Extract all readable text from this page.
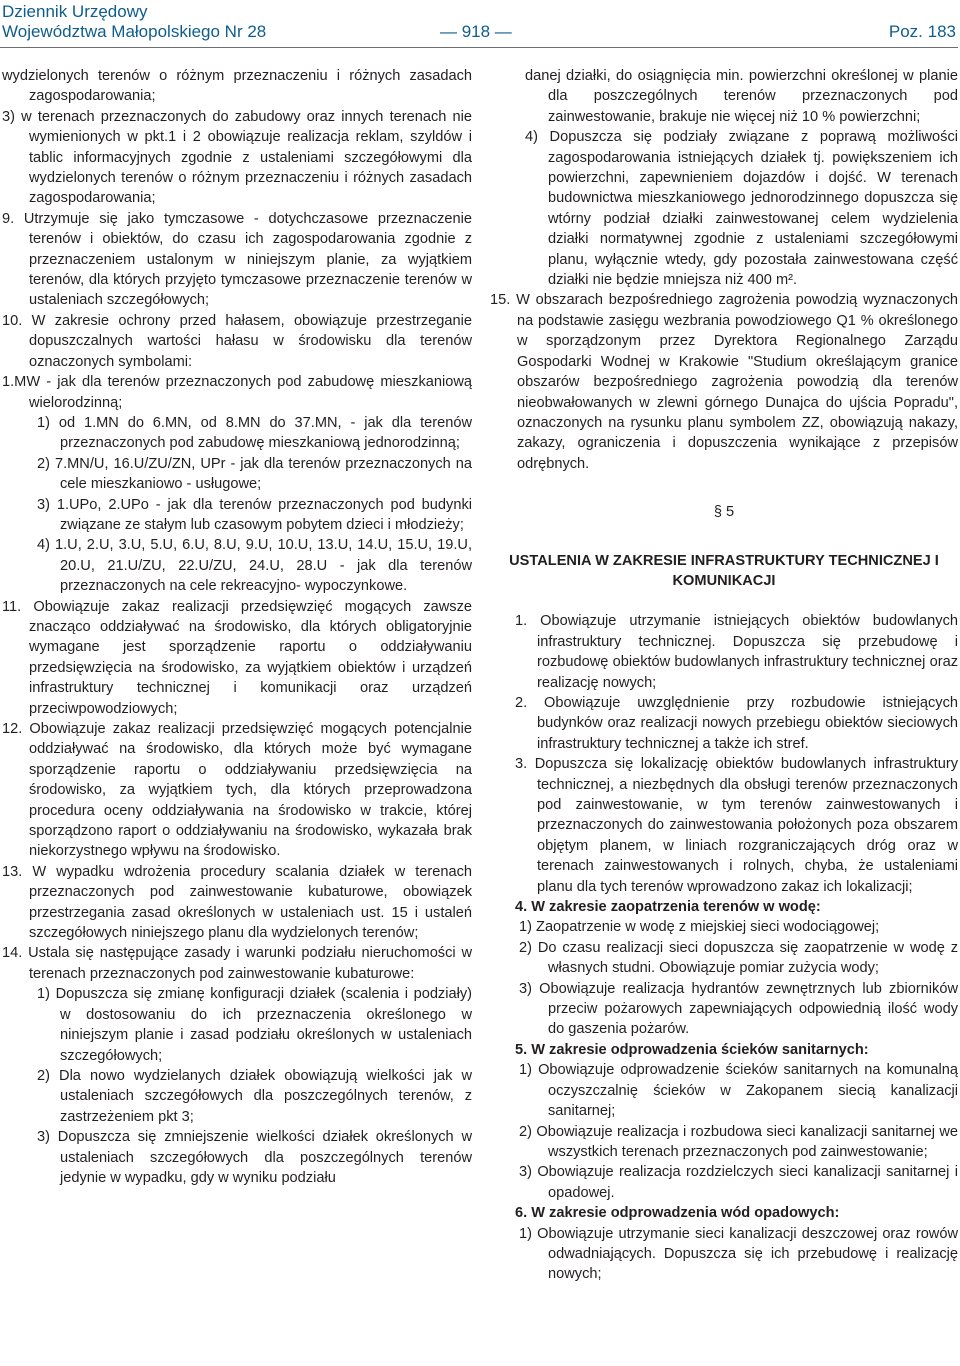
Dziennik Urzędowy
Województwa Małopolskiego Nr 28	— 918 —	Poz. 183

wydzielonych terenów o różnym przeznaczeniu i różnych zasadach zagospodarowania;

3) w terenach przeznaczonych do zabudowy oraz innych terenach nie wymienionych w pkt.1 i 2 obowiązuje realizacja reklam, szyldów i tablic informacyjnych zgodnie z ustaleniami szczegółowymi dla wydzielonych terenów o różnym przeznaczeniu i różnych zasadach zagospodarowania;

9. Utrzymuje się jako tymczasowe - dotychczasowe przeznaczenie terenów i obiektów, do czasu ich zagospodarowania zgodnie z przeznaczeniem ustalonym w niniejszym planie, za wyjątkiem terenów, dla których przyjęto tymczasowe przeznaczenie terenów w ustaleniach szczegółowych;

10. W zakresie ochrony przed hałasem, obowiązuje przestrzeganie dopuszczalnych wartości hałasu w środowisku dla terenów oznaczonych symbolami:

1.MW - jak dla terenów przeznaczonych pod zabudowę mieszkaniową wielorodzinną;

1) od 1.MN do 6.MN, od 8.MN do 37.MN, - jak dla terenów przeznaczonych pod zabudowę mieszkaniową jednorodzinną;

2) 7.MN/U, 16.U/ZU/ZN, UPr - jak dla terenów przeznaczonych na cele mieszkaniowo - usługowe;

3) 1.UPo, 2.UPo - jak dla terenów przeznaczonych pod budynki związane ze stałym lub czasowym pobytem dzieci i młodzieży;

4) 1.U, 2.U, 3.U, 5.U, 6.U, 8.U, 9.U, 10.U, 13.U, 14.U, 15.U, 19.U, 20.U, 21.U/ZU, 22.U/ZU, 24.U, 28.U - jak dla terenów przeznaczonych na cele rekreacyjno- wypoczynkowe.

11. Obowiązuje zakaz realizacji przedsięwzięć mogących zawsze znacząco oddziaływać na środowisko, dla których obligatoryjnie wymagane jest sporządzenie raportu o oddziaływaniu przedsięwzięcia na środowisko, za wyjątkiem obiektów i urządzeń infrastruktury technicznej i komunikacji oraz urządzeń przeciwpowodziowych;

12. Obowiązuje zakaz realizacji przedsięwzięć mogących potencjalnie oddziaływać na środowisko, dla których może być wymagane sporządzenie raportu o oddziaływaniu przedsięwzięcia na środowisko, za wyjątkiem tych, dla których przeprowadzona procedura oceny oddziaływania na środowisko w trakcie, której sporządzono raport o oddziaływaniu na środowisko, wykazała brak niekorzystnego wpływu na środowisko.

13. W wypadku wdrożenia procedury scalania działek w terenach przeznaczonych pod zainwestowanie kubaturowe, obowiązek przestrzegania zasad określonych w ustaleniach ust. 15 i ustaleń szczegółowych niniejszego planu dla wydzielonych terenów;

14. Ustala się następujące zasady i warunki podziału nieruchomości w terenach przeznaczonych pod zainwestowanie kubaturowe:

1) Dopuszcza się zmianę konfiguracji działek (scalenia i podziały) w dostosowaniu do ich przeznaczenia określonego w niniejszym planie i zasad podziału określonych w ustaleniach szczegółowych;

2) Dla nowo wydzielanych działek obowiązują wielkości jak w ustaleniach szczegółowych dla poszczególnych terenów, z zastrzeżeniem pkt 3;

3) Dopuszcza się zmniejszenie wielkości działek określonych w ustaleniach szczegółowych dla poszczególnych terenów jedynie w wypadku, gdy w wyniku podziału

danej działki, do osiągnięcia min. powierzchni określonej w planie dla poszczególnych terenów przeznaczonych pod zainwestowanie, brakuje nie więcej niż 10 % powierzchni;

4) Dopuszcza się podziały związane z poprawą możliwości zagospodarowania istniejących działek tj. powiększeniem ich powierzchni, zapewnieniem dojazdów i dojść. W terenach budownictwa mieszkaniowego jednorodzinnego dopuszcza się wtórny podział działki zainwestowanej celem wydzielenia działki normatywnej zgodnie z ustaleniami szczegółowymi planu, wyłącznie wtedy, gdy pozostała zainwestowana część działki nie będzie mniejsza niż 400 m².

15. W obszarach bezpośredniego zagrożenia powodzią wyznaczonych na podstawie zasięgu wezbrania powodziowego Q1 % określonego w sporządzonym przez Dyrektora Regionalnego Zarządu Gospodarki Wodnej w Krakowie "Studium określającym granice obszarów bezpośredniego zagrożenia powodzią dla terenów nieobwałowanych w zlewni górnego Dunajca do ujścia Popradu", oznaczonych na rysunku planu symbolem ZZ, obowiązują nakazy, zakazy, ograniczenia i dopuszczenia wynikające z przepisów odrębnych.

§ 5

USTALENIA W ZAKRESIE INFRASTRUKTURY TECHNICZNEJ I KOMUNIKACJI

1. Obowiązuje utrzymanie istniejących obiektów budowlanych infrastruktury technicznej. Dopuszcza się przebudowę i rozbudowę obiektów budowlanych infrastruktury technicznej oraz realizację nowych;

2. Obowiązuje uwzględnienie przy rozbudowie istniejących budynków oraz realizacji nowych przebiegu obiektów sieciowych infrastruktury technicznej a także ich stref.

3. Dopuszcza się lokalizację obiektów budowlanych infrastruktury technicznej, a niezbędnych dla obsługi terenów przeznaczonych pod zainwestowanie, w tym terenów zainwestowanych i przeznaczonych do zainwestowania położonych poza obszarem objętym planem, w liniach rozgraniczających dróg oraz w terenach zainwestowanych i rolnych, chyba, że ustaleniami planu dla tych terenów wprowadzono zakaz ich lokalizacji;

4. W zakresie zaopatrzenia terenów w wodę:

1) Zaopatrzenie w wodę z miejskiej sieci wodociągowej;

2) Do czasu realizacji sieci dopuszcza się zaopatrzenie w wodę z własnych studni. Obowiązuje pomiar zużycia wody;

3) Obowiązuje realizacja hydrantów zewnętrznych lub zbiorników przeciw pożarowych zapewniających odpowiednią ilość wody do gaszenia pożarów.

5. W zakresie odprowadzenia ścieków sanitarnych:

1) Obowiązuje odprowadzenie ścieków sanitarnych na komunalną oczyszczalnię ścieków w Zakopanem siecią kanalizacji sanitarnej;

2) Obowiązuje realizacja i rozbudowa sieci kanalizacji sanitarnej we wszystkich terenach przeznaczonych pod zainwestowanie;

3) Obowiązuje realizacja rozdzielczych sieci kanalizacji sanitarnej i opadowej.

6. W zakresie odprowadzenia wód opadowych:

1) Obowiązuje utrzymanie sieci kanalizacji deszczowej oraz rowów odwadniających. Dopuszcza się ich przebudowę i realizację nowych;
